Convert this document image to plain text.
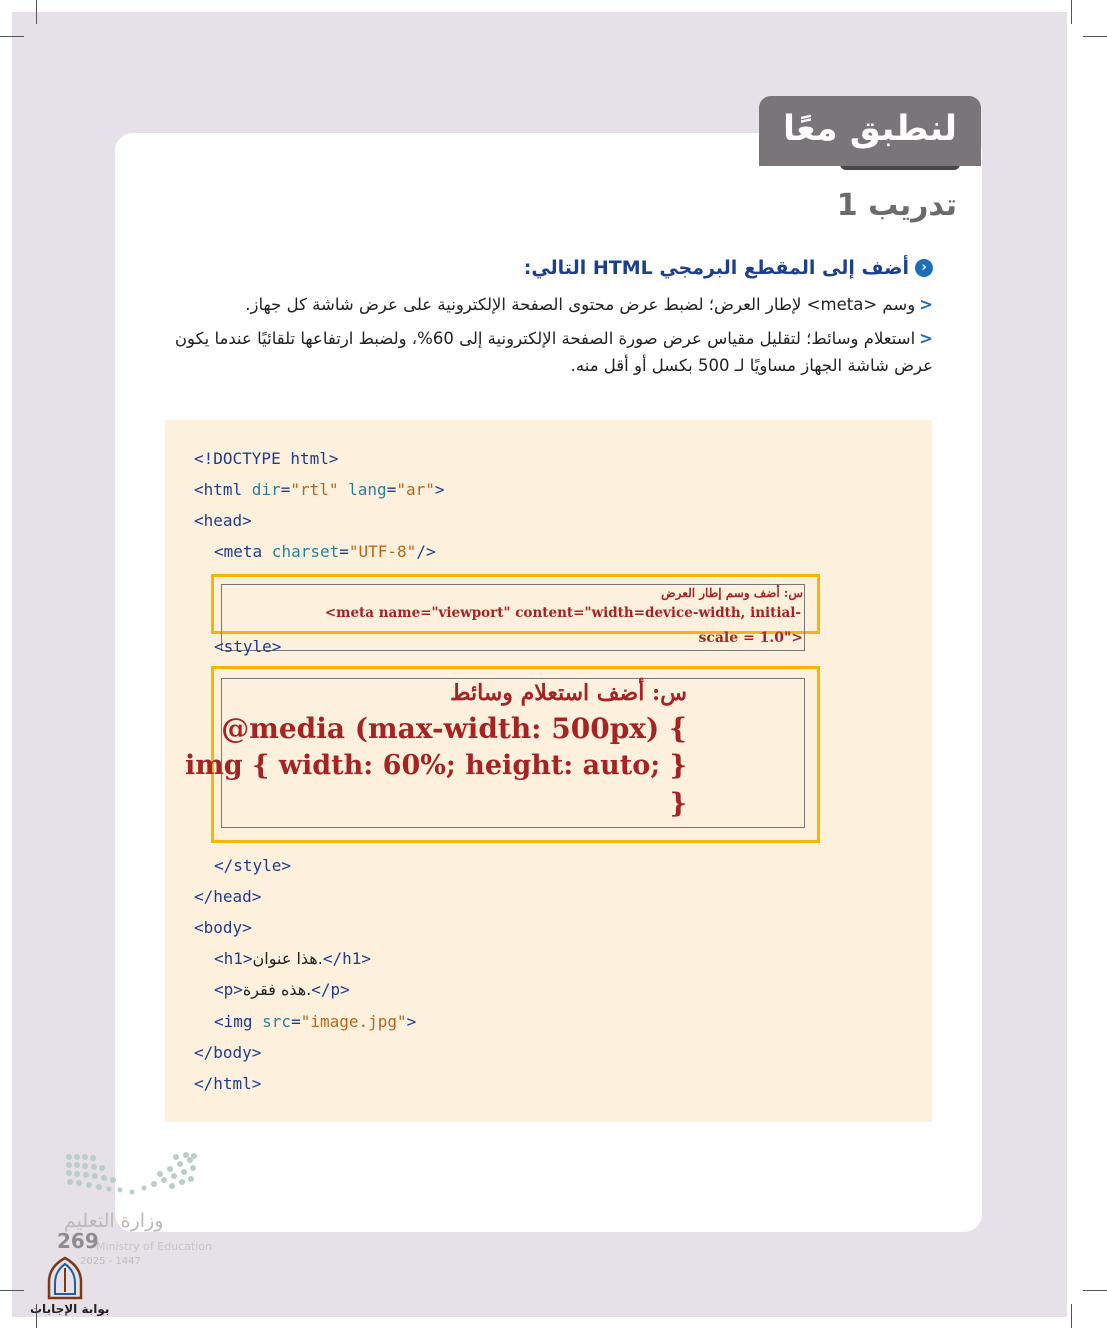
لنطبق معًا
تدريب 1
‹
أضف إلى المقطع البرمجي HTML التالي:
<وسم <meta> لإطار العرض؛ لضبط عرض محتوى الصفحة الإلكترونية على عرض شاشة كل جهاز.
<استعلام وسائط؛ لتقليل مقياس عرض صورة الصفحة الإلكترونية إلى 60%، ولضبط ارتفاعها تلقائيًا عندما يكون عرض شاشة الجهاز مساويًا لـ 500 بكسل أو أقل منه.
<!DOCTYPE html>
<html dir="rtl" lang="ar">
<head>
<meta charset="UTF-8"/>
س: أضف وسم إطار العرض
<meta name="viewport" content="width=device-width, initial-
scale = 1.0">
<style>
س: أضف استعلام وسائط
@media (max-width: 500px) {
img { width: 60%; height: auto; }
}
</style>
</head>
<body>
<h1>هذا عنوان.</h1>
<p>هذه فقرة.</p>
<img src="image.jpg">
</body>
</html>
وزارة التعليم
Ministry of Education
269
2025 - 1447
بوابة الإجابات
